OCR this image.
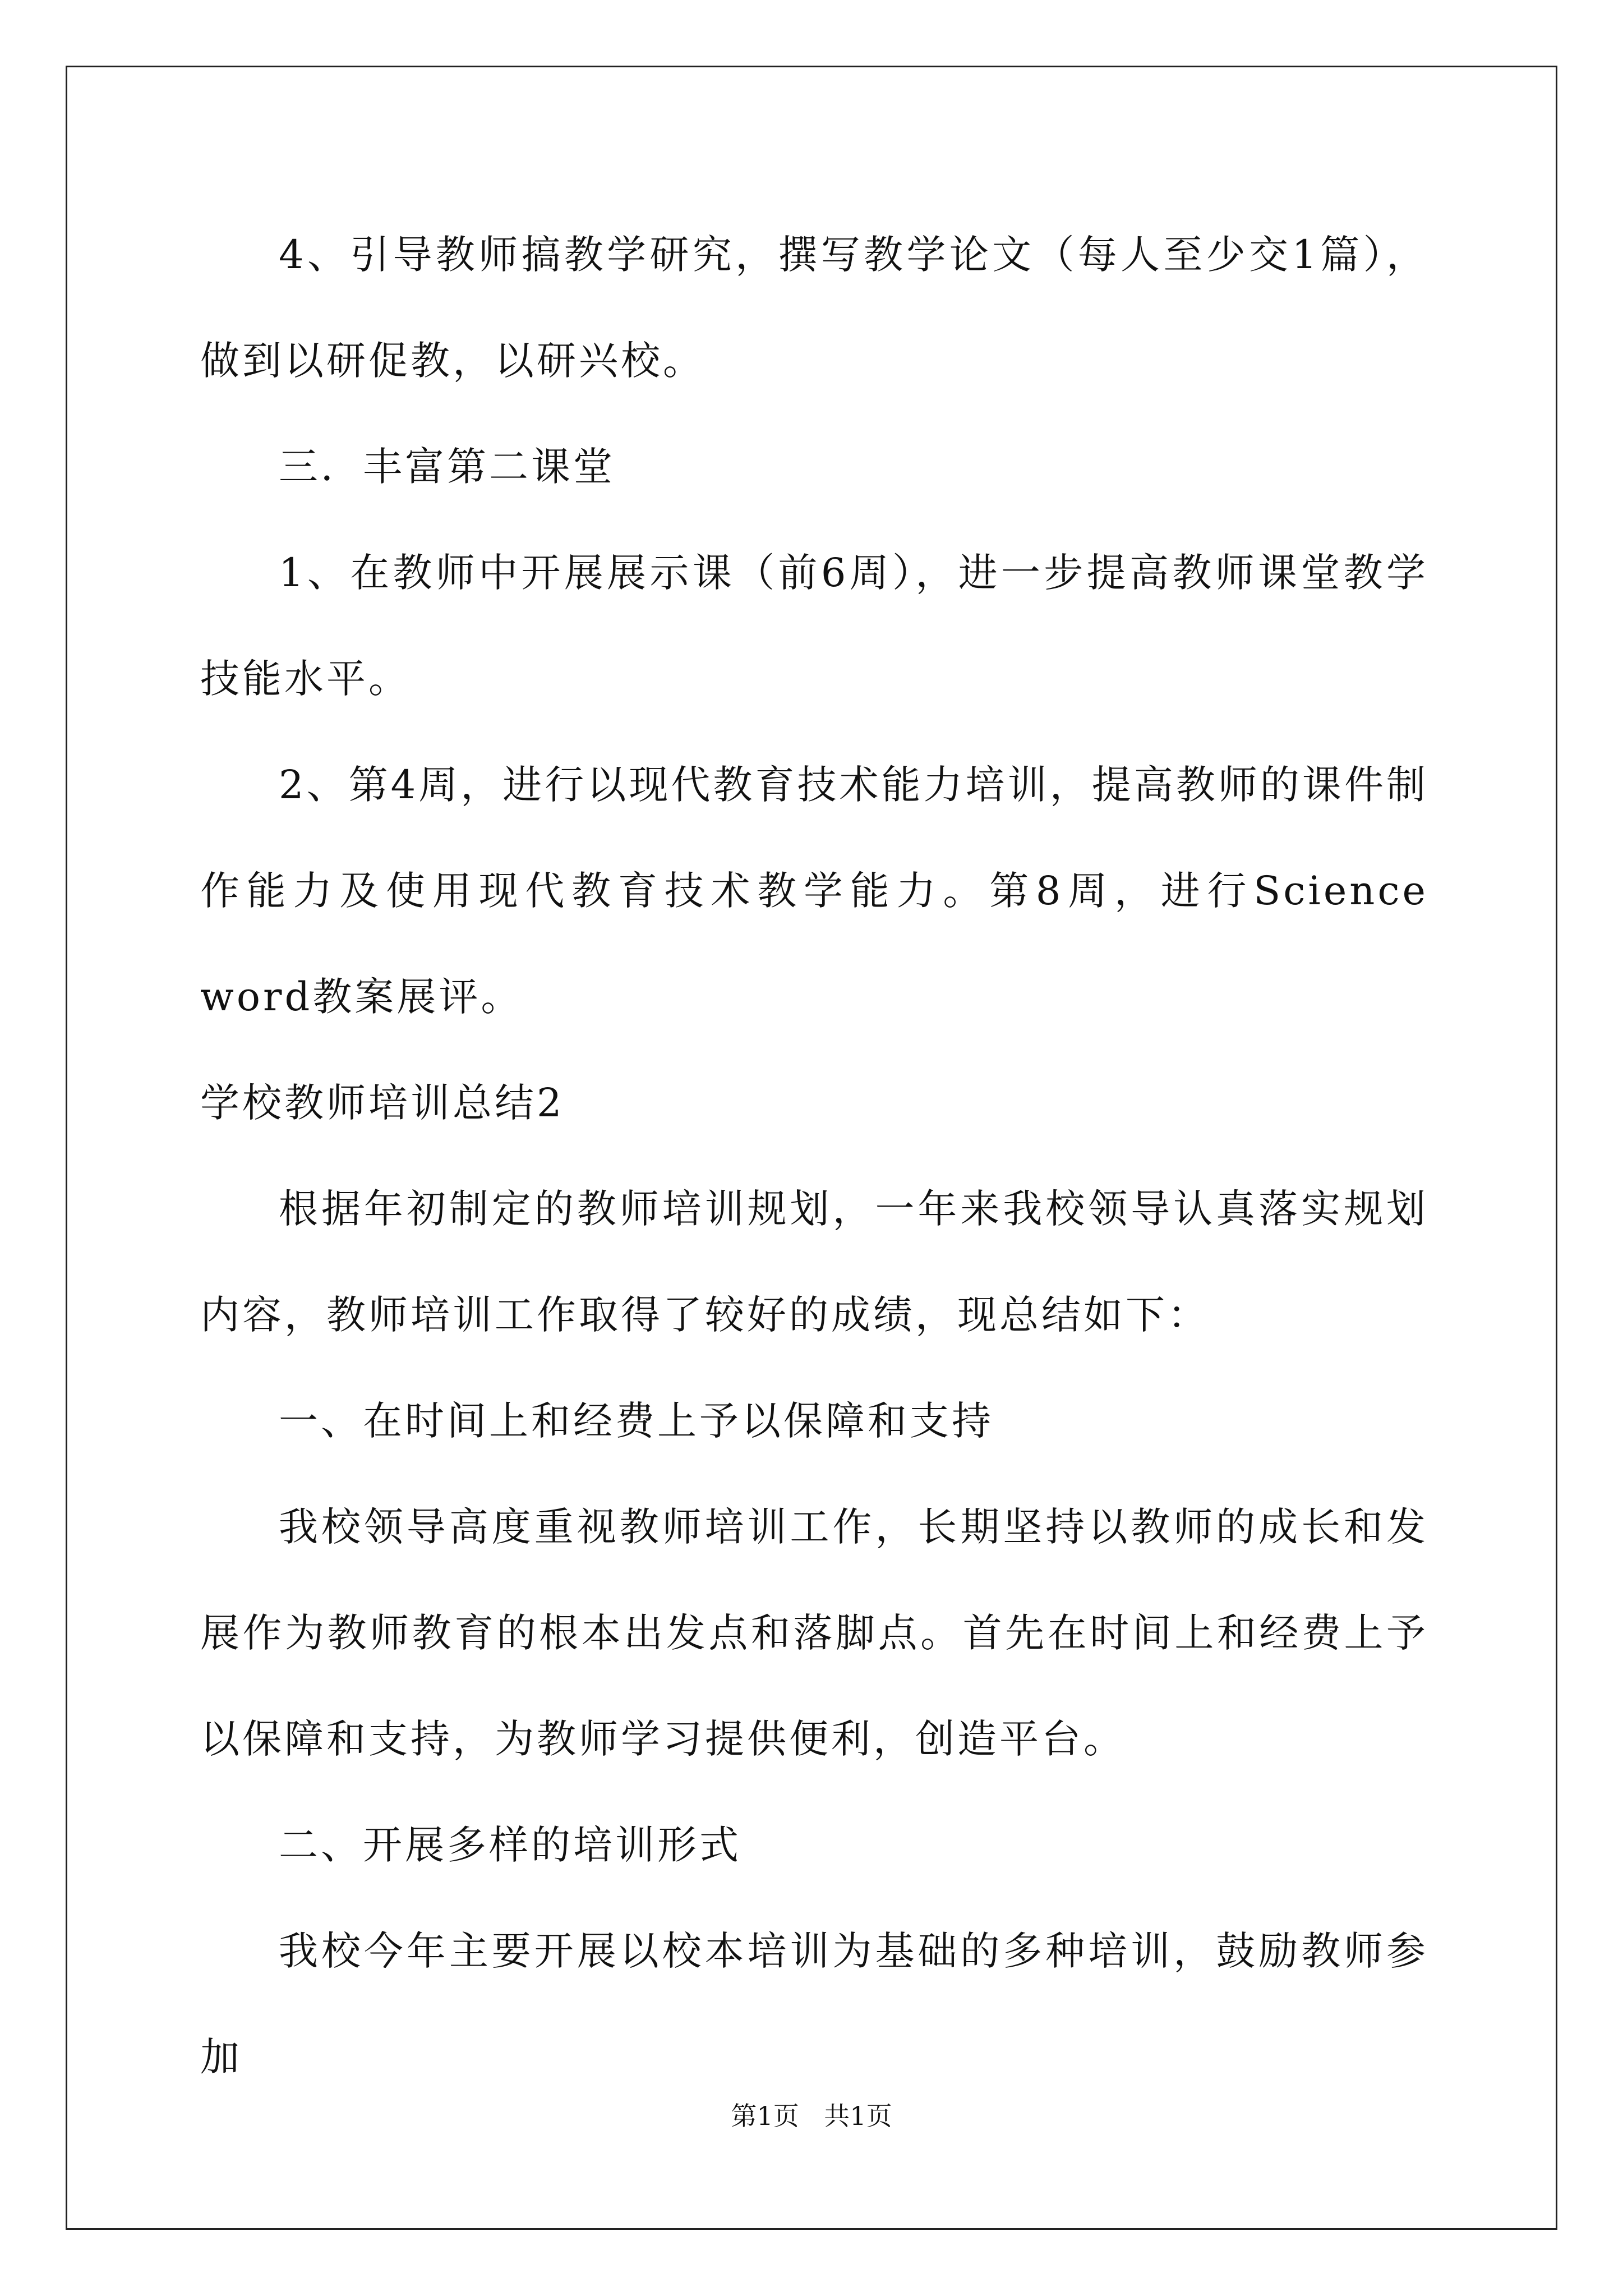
4、引导教师搞教学研究，撰写教学论文（每人至少交1篇），做到以研促教，以研兴校。

三．丰富第二课堂

1、在教师中开展展示课（前6周），进一步提高教师课堂教学技能水平。

2、第4周，进行以现代教育技术能力培训，提高教师的课件制作能力及使用现代教育技术教学能力。第8周，进行Science word教案展评。

学校教师培训总结2

根据年初制定的教师培训规划，一年来我校领导认真落实规划内容，教师培训工作取得了较好的成绩，现总结如下：

一、在时间上和经费上予以保障和支持

我校领导高度重视教师培训工作，长期坚持以教师的成长和发展作为教师教育的根本出发点和落脚点。首先在时间上和经费上予以保障和支持，为教师学习提供便利，创造平台。

二、开展多样的培训形式

我校今年主要开展以校本培训为基础的多种培训，鼓励教师参加

第1页 共1页
